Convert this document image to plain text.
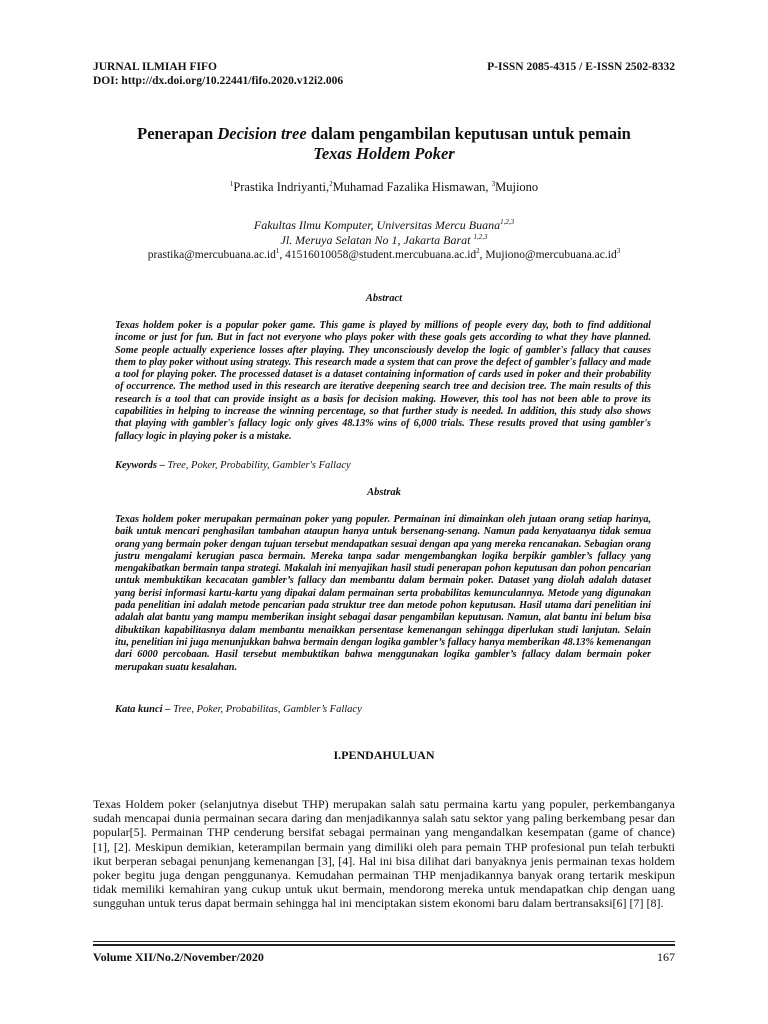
JURNAL ILMIAH FIFO	P-ISSN 2085-4315 / E-ISSN 2502-8332
DOI: http://dx.doi.org/10.22441/fifo.2020.v12i2.006
Penerapan Decision tree dalam pengambilan keputusan untuk pemain
Texas Holdem Poker
$^1$Prastika Indriyanti,$^2$Muhamad Fazalika Hismawan, $^3$Mujiono
Fakultas Ilmu Komputer, Universitas Mercu Buana$^{1,2,3}$
Jl. Meruya Selatan No 1, Jakarta Barat $^{1,2,3}$
$prastika@mercubuana.ac.id^1$, $41516010058@student.mercubuana.ac.id^2$, $Mujiono@mercubuana.ac.id^3$
Abstract
Texas holdem poker is a popular poker game. This game is played by millions of people every day, both to find additional income or just for fun. But in fact not everyone who plays poker with these goals gets according to what they have planned. Some people actually experience losses after playing. They unconsciously develop the logic of gambler's fallacy that causes them to play poker without using strategy. This research made a system that can prove the defect of gambler's fallacy and made a tool for playing poker. The processed dataset is a dataset containing information of cards used in poker and their probability of occurrence. The method used in this research are iterative deepening search tree and decision tree. The main results of this research is a tool that can provide insight as a basis for decision making. However, this tool has not been able to prove its capabilities in helping to increase the winning percentage, so that further study is needed. In addition, this study also shows that playing with gambler's fallacy logic only gives 48.13% wins of 6,000 trials. These results proved that using gambler's fallacy logic in playing poker is a mistake.
Keywords – Tree, Poker, Probability, Gambler's Fallacy
Abstrak
Texas holdem poker merupakan permainan poker yang populer. Permainan ini dimainkan oleh jutaan orang setiap harinya, baik untuk mencari penghasilan tambahan ataupun hanya untuk bersenang-senang. Namun pada kenyataanya tidak semua orang yang bermain poker dengan tujuan tersebut mendapatkan sesuai dengan apa yang mereka rencanakan. Sebagian orang justru mengalami kerugian pasca bermain. Mereka tanpa sadar mengembangkan logika berpikir gambler’s fallacy yang mengakibatkan bermain tanpa strategi. Makalah ini menyajikan hasil studi penerapan pohon keputusan dan pohon pencarian untuk membuktikan kecacatan gambler’s fallacy dan membantu dalam bermain poker. Dataset yang diolah adalah dataset yang berisi informasi kartu-kartu yang dipakai dalam permainan serta probabilitas kemunculannya. Metode yang digunakan pada penelitian ini adalah metode pencarian pada struktur tree dan metode pohon keputusan. Hasil utama dari penelitian ini adalah alat bantu yang mampu memberikan insight sebagai dasar pengambilan keputusan. Namun, alat bantu ini belum bisa dibuktikan kapabilitasnya dalam membantu menaikkan persentase kemenangan sehingga diperlukan studi lanjutan. Selain itu, penelitian ini juga menunjukkan bahwa bermain dengan logika gambler’s fallacy hanya memberikan 48.13% kemenangan dari 6000 percobaan. Hasil tersebut membuktikan bahwa menggunakan logika gambler’s fallacy dalam bermain poker merupakan suatu kesalahan.
Kata kunci – Tree, Poker, Probabilitas, Gambler’s Fallacy
I.PENDAHULUAN
Texas Holdem poker (selanjutnya disebut THP) merupakan salah satu permaina kartu yang populer, perkembanganya sudah mencapai dunia permainan secara daring dan menjadikannya salah satu sektor yang paling berkembang pesar dan popular[5]. Permainan THP cenderung bersifat sebagai permainan yang mengandalkan kesempatan (game of chance) [1], [2]. Meskipun demikian, keterampilan bermain yang dimiliki oleh para pemain THP profesional pun telah terbukti ikut berperan sebagai penunjang kemenangan [3], [4]. Hal ini bisa dilihat dari banyaknya jenis permainan texas holdem poker begitu juga dengan penggunanya. Kemudahan permainan THP menjadikannya banyak orang tertarik meskipun tidak memiliki kemahiran yang cukup untuk ukut bermain, mendorong mereka untuk mendapatkan chip dengan uang sungguhan untuk terus dapat bermain sehingga hal ini menciptakan sistem ekonomi baru dalam bertransaksi[6] [7] [8].
Volume XII/No.2/November/2020	167
